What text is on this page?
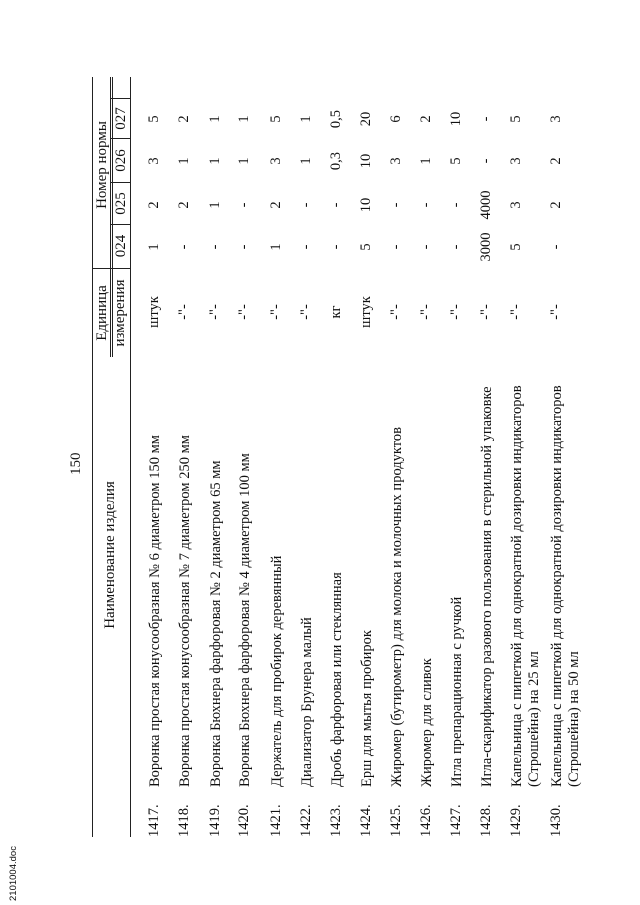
150
Наименование изделия
Единица измерения
Номер нормы
024
025
026
027
1417.
Воронка простая конусообразная № 6 диаметром 150 мм
штук
1
2
3
5
1418.
Воронка простая конусообразная № 7 диаметром 250 мм
-"-
-
2
1
2
1419.
Воронка Бюхнера фарфоровая № 2 диаметром 65 мм
-"-
-
1
1
1
1420.
Воронка Бюхнера фарфоровая № 4 диаметром 100 мм
-"-
-
-
1
1
1421.
Держатель для пробирок деревянный
-"-
1
2
3
5
1422.
Диализатор Брунера малый
-"-
-
-
1
1
1423.
Дробь фарфоровая или стеклянная
кг
-
-
0,3
0,5
1424.
Ерш для мытья пробирок
штук
5
10
10
20
1425.
Жиромер (бутирометр) для молока и молочных продуктов
-"-
-
-
3
6
1426.
Жиромер для сливок
-"-
-
-
1
2
1427.
Игла препарационная с ручкой
-"-
-
-
5
10
1428.
Игла-скарификатор разового пользования в стерильной упаковке
-"-
3000
4000
-
-
1429.
Капельница с пипеткой для однократной дозировки индикаторов (Строшейна) на 25 мл
-"-
5
3
3
5
1430.
Капельница с пипеткой для однократной дозировки индикаторов (Строшейна) на 50 мл
-"-
-
2
2
3
2101004.doc
